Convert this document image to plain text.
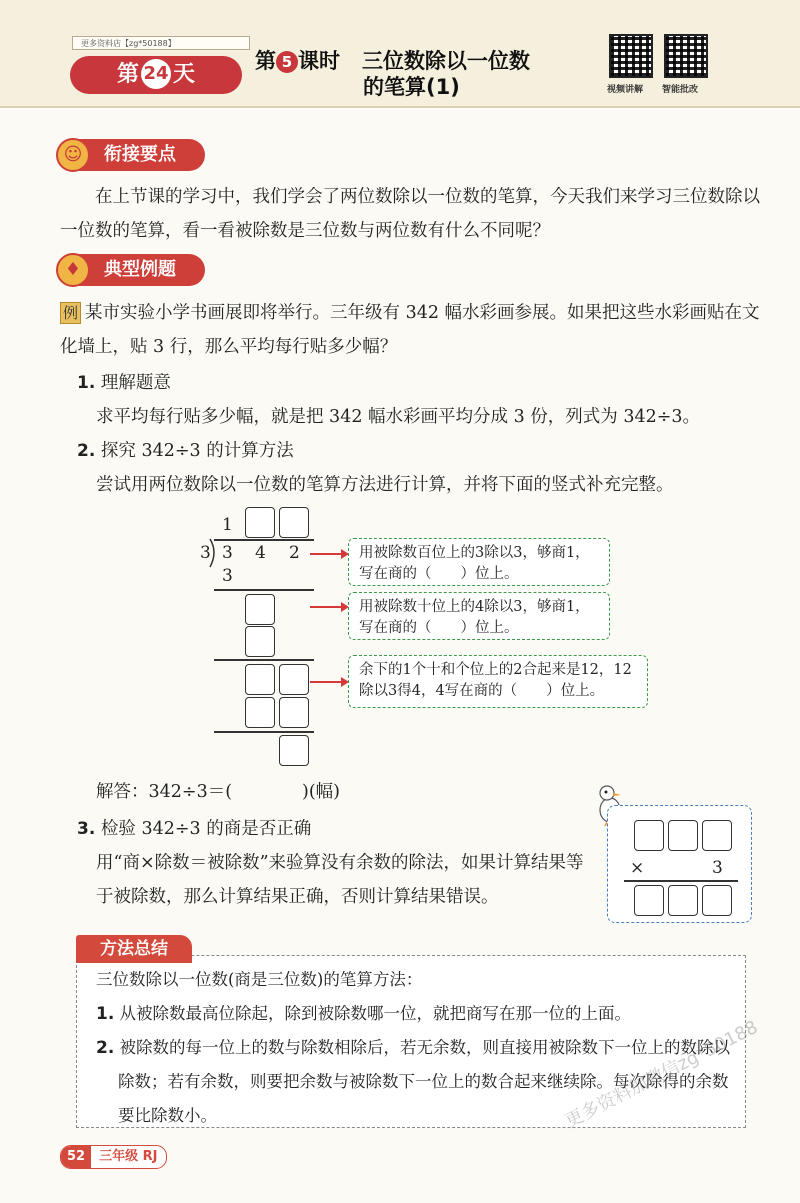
更多资料店【zg*50188】
第 24 天
第 5 课时 三位数除以一位数
的笔算(1)	视频讲解 智能批改
衔接要点
☺
在上节课的学习中，我们学会了两位数除以一位数的笔算，今天我们来学习三位数除以一位数的笔算，看一看被除数是三位数与两位数有什么不同呢？
典型例题
♦
例 某市实验小学书画展即将举行。三年级有 342 幅水彩画参展。如果把这些水彩画贴在文化墙上，贴 3 行，那么平均每行贴多少幅？
1. 理解题意
求平均每行贴多少幅，就是把 342 幅水彩画平均分成 3 份，列式为 342÷3。
2. 探究 342÷3 的计算方法
尝试用两位数除以一位数的笔算方法进行计算，并将下面的竖式补充完整。
1
3 3 4 2
3
用被除数百位上的3除以3，够商1，写在商的（　　）位上。
用被除数十位上的4除以3，够商1，写在商的（　　）位上。
余下的1个十和个位上的2合起来是12，12除以3得4，4写在商的（　　）位上。
解答：342÷3＝(　　　　)(幅)
3. 检验 342÷3 的商是否正确
用“商×除数＝被除数”来验算没有余数的除法，如果计算结果等于被除数，那么计算结果正确，否则计算结果错误。
×	3
方法总结
三位数除以一位数(商是三位数)的笔算方法：
1. 从被除数最高位除起，除到被除数哪一位，就把商写在那一位的上面。
2. 被除数的每一位上的数与除数相除后，若无余数，则直接用被除数下一位上的数除以除数；若有余数，则要把余数与被除数下一位上的数合起来继续除。每次除得的余数要比除数小。
52	三年级 RJ
更多资料加微信zg*50188
